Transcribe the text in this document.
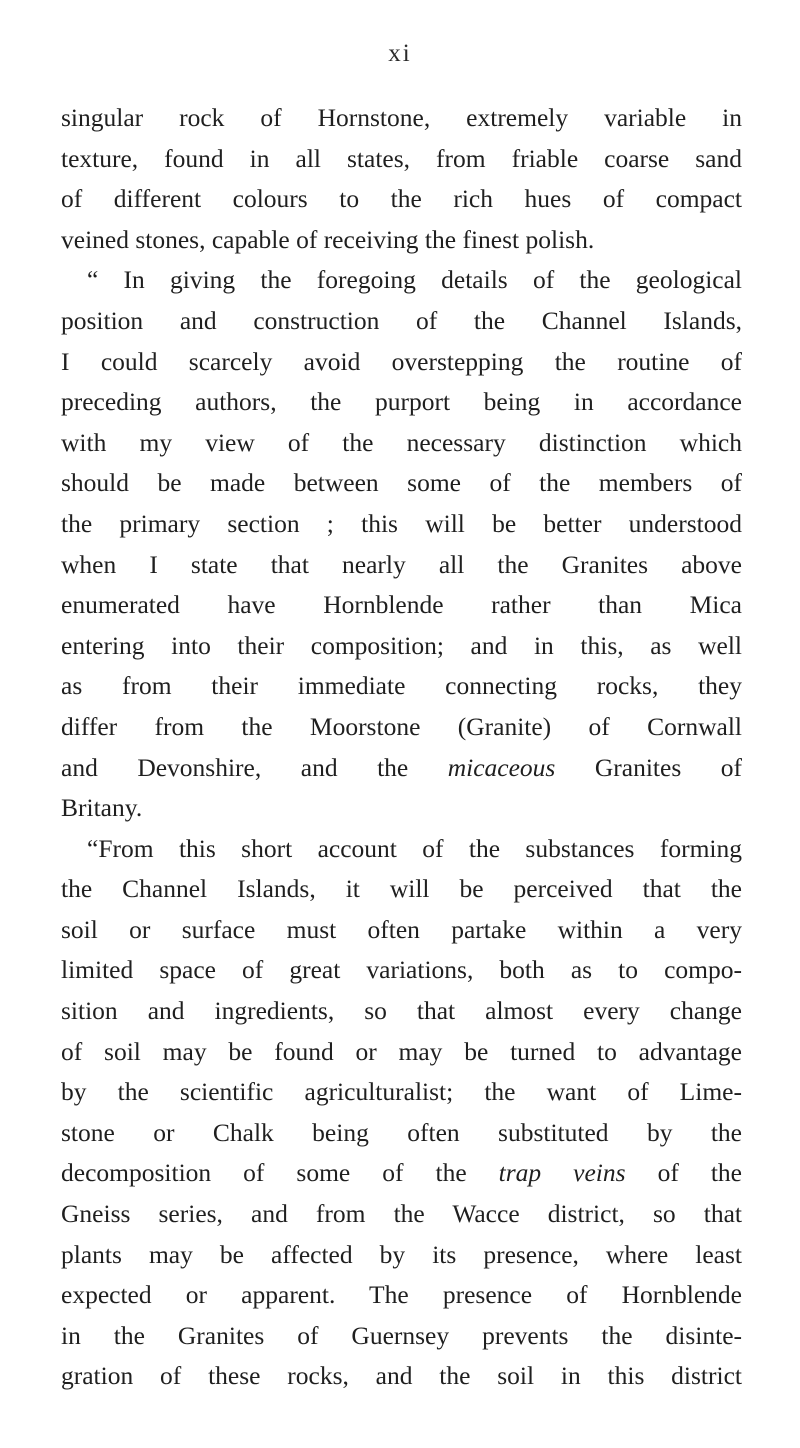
xi
singular rock of Hornstone, extremely variable in
texture, found in all states, from friable coarse sand
of different colours to the rich hues of compact
veined stones, capable of receiving the finest polish.
“ In giving the foregoing details of the geological
position and construction of the Channel Islands,
I could scarcely avoid overstepping the routine of
preceding authors, the purport being in accordance
with my view of the necessary distinction which
should be made between some of the members of
the primary section ; this will be better understood
when I state that nearly all the Granites above
enumerated have Hornblende rather than Mica
entering into their composition; and in this, as well
as from their immediate connecting rocks, they
differ from the Moorstone (Granite) of Cornwall
and Devonshire, and the micaceous Granites of
Britany.
“From this short account of the substances forming
the Channel Islands, it will be perceived that the
soil or surface must often partake within a very
limited space of great variations, both as to compo-
sition and ingredients, so that almost every change
of soil may be found or may be turned to advantage
by the scientific agriculturalist; the want of Lime-
stone or Chalk being often substituted by the
decomposition of some of the trap veins of the
Gneiss series, and from the Wacce district, so that
plants may be affected by its presence, where least
expected or apparent. The presence of Hornblende
in the Granites of Guernsey prevents the disinte-
gration of these rocks, and the soil in this district
